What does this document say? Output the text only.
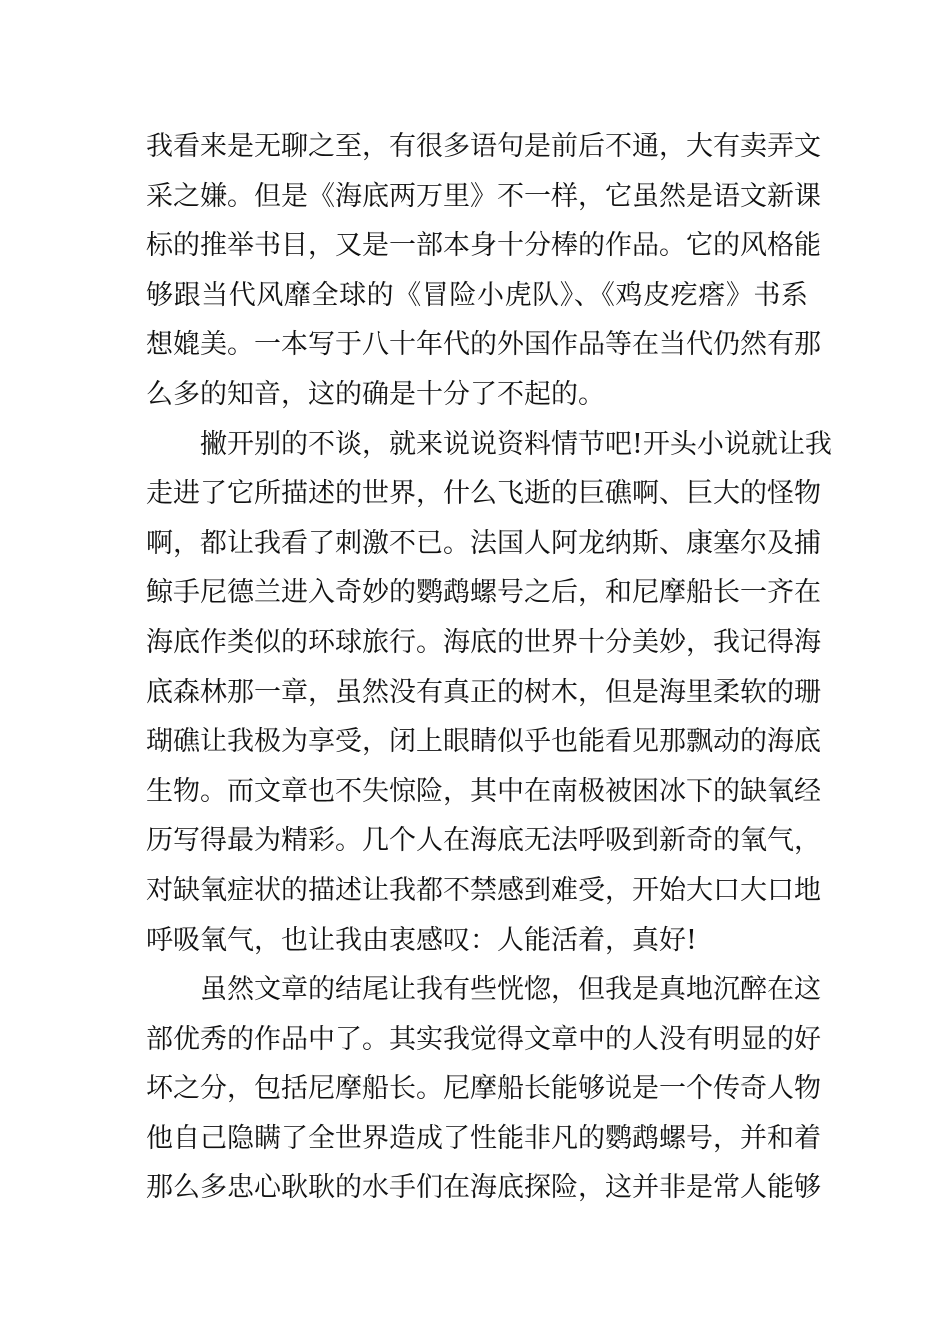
我看来是无聊之至，有很多语句是前后不通，大有卖弄文
采之嫌。但是《海底两万里》不一样，它虽然是语文新课
标的推举书目，又是一部本身十分棒的作品。它的风格能
够跟当代风靡全球的《冒险小虎队》、《鸡皮疙瘩》书系
想媲美。一本写于八十年代的外国作品等在当代仍然有那
么多的知音，这的确是十分了不起的。
撇开别的不谈，就来说说资料情节吧!开头小说就让我
走进了它所描述的世界，什么飞逝的巨礁啊、巨大的怪物
啊，都让我看了刺激不已。法国人阿龙纳斯、康塞尔及捕
鲸手尼德兰进入奇妙的鹦鹉螺号之后，和尼摩船长一齐在
海底作类似的环球旅行。海底的世界十分美妙，我记得海
底森林那一章，虽然没有真正的树木，但是海里柔软的珊
瑚礁让我极为享受，闭上眼睛似乎也能看见那飘动的海底
生物。而文章也不失惊险，其中在南极被困冰下的缺氧经
历写得最为精彩。几个人在海底无法呼吸到新奇的氧气，
对缺氧症状的描述让我都不禁感到难受，开始大口大口地
呼吸氧气，也让我由衷感叹：人能活着，真好!
虽然文章的结尾让我有些恍惚，但我是真地沉醉在这
部优秀的作品中了。其实我觉得文章中的人没有明显的好
坏之分，包括尼摩船长。尼摩船长能够说是一个传奇人物
他自己隐瞒了全世界造成了性能非凡的鹦鹉螺号，并和着
那么多忠心耿耿的水手们在海底探险，这并非是常人能够
